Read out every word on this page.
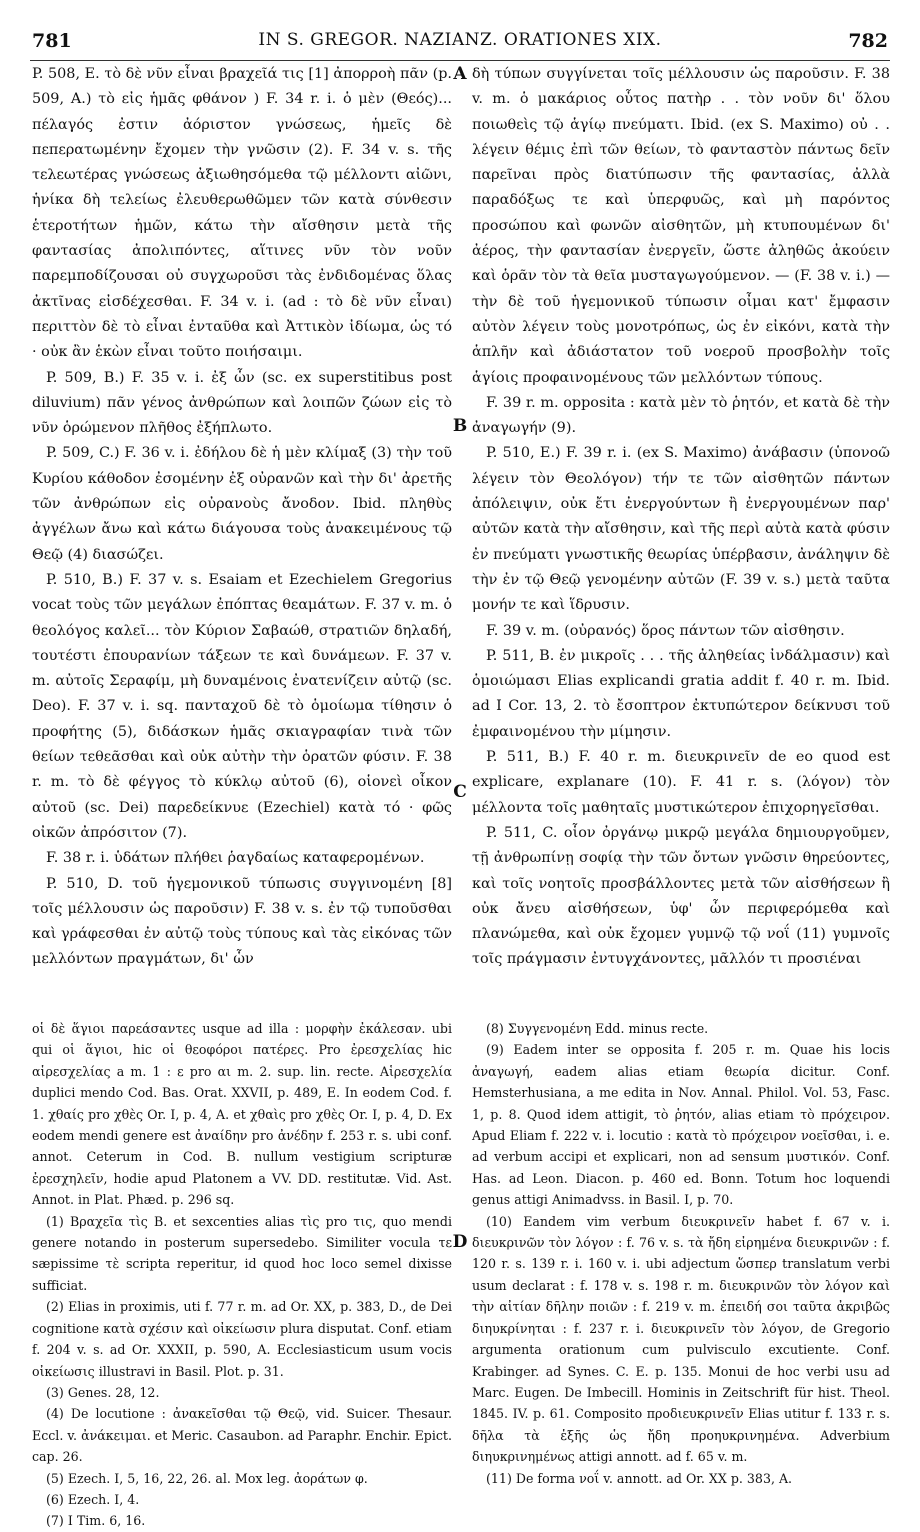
781	IN S. GREGOR. NAZIANZ. ORATIONES XIX.	782

P. 508, E. τὸ δὲ νῦν εἶναι βραχεῖά τις [1] ἀπορροὴ πᾶν (p. 509, A.) τὸ εἰς ἡμᾶς φθάνον ) F. 34 r. i. ὁ μὲν (Θεός)... πέλαγός ἐστιν ἀόριστον γνώσεως, ἡμεῖς δὲ πεπερατωμένην ἔχομεν τὴν γνῶσιν (2). F. 34 v. s. τῆς τελεωτέρας γνώσεως ἀξιωθησόμεθα τῷ μέλλοντι αἰῶνι, ἡνίκα δὴ τελείως ἐλευθερωθῶμεν τῶν κατὰ σύνθεσιν ἑτεροτήτων ἡμῶν, κάτω τὴν αἴσθησιν μετὰ τῆς φαντασίας ἀπολιπόντες, αἵτινες νῦν τὸν νοῦν παρεμποδίζουσαι οὐ συγχωροῦσι τὰς ἐνδιδομένας ὅλας ἀκτῖνας εἰσδέχεσθαι. F. 34 v. i. (ad : τὸ δὲ νῦν εἶναι) περιττὸν δὲ τὸ εἶναι ἐνταῦθα καὶ Ἀττικὸν ἰδίωμα, ὡς τό · οὐκ ἂν ἑκὼν εἶναι τοῦτο ποιήσαιμι.

P. 509, B.) F. 35 v. i. ἐξ ὧν (sc. ex superstitibus post diluvium) πᾶν γένος ἀνθρώπων καὶ λοιπῶν ζώων εἰς τὸ νῦν ὁρώμενον πλῆθος ἐξήπλωτο.

P. 509, C.) F. 36 v. i. ἐδήλου δὲ ἡ μὲν κλίμαξ (3) τὴν τοῦ Κυρίου κάθοδον ἐσομένην ἐξ οὐρανῶν καὶ τὴν δι' ἀρετῆς τῶν ἀνθρώπων εἰς οὐρανοὺς ἄνοδον. Ibid. πληθὺς ἀγγέλων ἄνω καὶ κάτω διάγουσα τοὺς ἀνακειμένους τῷ Θεῷ (4) διασώζει.

P. 510, B.) F. 37 v. s. Esaiam et Ezechielem Gregorius vocat τοὺς τῶν μεγάλων ἐπόπτας θεαμάτων. F. 37 v. m. ὁ θεολόγος καλεῖ... τὸν Κύριον Σαβαώθ, στρατιῶν δηλαδή, τουτέστι ἐπουρανίων τάξεων τε καὶ δυνάμεων. F. 37 v. m. αὐτοῖς Σεραφίμ, μὴ δυναμένοις ἐνατενίζειν αὐτῷ (sc. Deo). F. 37 v. i. sq. πανταχοῦ δὲ τὸ ὁμοίωμα τίθησιν ὁ προφήτης (5), διδάσκων ἡμᾶς σκιαγραφίαν τινὰ τῶν θείων τεθεᾶσθαι καὶ οὐκ αὐτὴν τὴν ὁρατῶν φύσιν. F. 38 r. m. τὸ δὲ φέγγος τὸ κύκλῳ αὐτοῦ (6), οἱονεὶ οἶκον αὐτοῦ (sc. Dei) παρεδείκνυε (Ezechiel) κατὰ τό · φῶς οἰκῶν ἀπρόσιτον (7).

F. 38 r. i. ὑδάτων πλήθει ῥαγδαίως καταφερομένων.

P. 510, D. τοῦ ἡγεμονικοῦ τύπωσις συγγινομένη [8] τοῖς μέλλουσιν ὡς παροῦσιν) F. 38 v. s. ἐν τῷ τυποῦσθαι καὶ γράφεσθαι ἐν αὐτῷ τοὺς τύπους καὶ τὰς εἰκόνας τῶν μελλόντων πραγμάτων, δι' ὧν

A
B
C
D

δὴ τύπων συγγίνεται τοῖς μέλλουσιν ὡς παροῦσιν. F. 38 v. m. ὁ μακάριος οὗτος πατὴρ . . τὸν νοῦν δι' ὅλου ποιωθεὶς τῷ ἁγίῳ πνεύματι. Ibid. (ex S. Maximo) οὐ . . λέγειν θέμις ἐπὶ τῶν θείων, τὸ φανταστὸν πάντως δεῖν παρεῖναι πρὸς διατύπωσιν τῆς φαντασίας, ἀλλὰ παραδόξως τε καὶ ὑπερφυῶς, καὶ μὴ παρόντος προσώπου καὶ φωνῶν αἰσθητῶν, μὴ κτυπουμένων δι' ἀέρος, τὴν φαντασίαν ἐνεργεῖν, ὥστε ἀληθῶς ἀκούειν καὶ ὁρᾶν τὸν τὰ θεῖα μυσταγωγούμενον. — (F. 38 v. i.) — τὴν δὲ τοῦ ἡγεμονικοῦ τύπωσιν οἶμαι κατ' ἔμφασιν αὐτὸν λέγειν τοὺς μονοτρόπως, ὡς ἐν εἰκόνι, κατὰ τὴν ἁπλῆν καὶ ἀδιάστατον τοῦ νοεροῦ προσβολὴν τοῖς ἁγίοις προφαινομένους τῶν μελλόντων τύπους.

F. 39 r. m. opposita : κατὰ μὲν τὸ ῥητόν, et κατὰ δὲ τὴν ἀναγωγήν (9).

P. 510, E.) F. 39 r. i. (ex S. Maximo) ἀνάβασιν (ὑπονοῶ λέγειν τὸν Θεολόγον) τήν τε τῶν αἰσθητῶν πάντων ἀπόλειψιν, οὐκ ἔτι ἐνεργούντων ἢ ἐνεργουμένων παρ' αὐτῶν κατὰ τὴν αἴσθησιν, καὶ τῆς περὶ αὐτὰ κατὰ φύσιν ἐν πνεύματι γνωστικῆς θεωρίας ὑπέρβασιν, ἀνάληψιν δὲ τὴν ἐν τῷ Θεῷ γενομένην αὐτῶν (F. 39 v. s.) μετὰ ταῦτα μονήν τε καὶ ἵδρυσιν.

F. 39 v. m. (οὐρανός) ὅρος πάντων τῶν αἰσθησιν.

P. 511, B. ἐν μικροῖς . . . τῆς ἀληθείας ἰνδάλμασιν) καὶ ὁμοιώμασι Elias explicandi gratia addit f. 40 r. m. Ibid. ad I Cor. 13, 2. τὸ ἔσοπτρον ἐκτυπώτερον δείκνυσι τοῦ ἐμφαινομένου τὴν μίμησιν.

P. 511, B.) F. 40 r. m. διευκρινεῖν de eo quod est explicare, explanare (10). F. 41 r. s. (λόγον) τὸν μέλλοντα τοῖς μαθηταῖς μυστικώτερον ἐπιχορηγεῖσθαι.

P. 511, C. οἷον ὀργάνῳ μικρῷ μεγάλα δημιουργοῦμεν, τῇ ἀνθρωπίνῃ σοφίᾳ τὴν τῶν ὄντων γνῶσιν θηρεύοντες, καὶ τοῖς νοητοῖς προσβάλλοντες μετὰ τῶν αἰσθήσεων ἢ οὐκ ἄνευ αἰσθήσεων, ὑφ' ὧν περιφερόμεθα καὶ πλανώμεθα, καὶ οὐκ ἔχομεν γυμνῷ τῷ νοΐ (11) γυμνοῖς τοῖς πράγμασιν ἐντυγχάνοντες, μᾶλλόν τι προσιέναι

οἱ δὲ ἅγιοι παρεάσαντες usque ad illa : μορφὴν ἐκάλεσαν. ubi qui οἱ ἅγιοι, hic οἱ θεοφόροι πατέρες. Pro ἐρεσχελίας hic αἱρεσχελίας a m. 1 : ε pro αι m. 2. sup. lin. recte. Αἱρεσχελία duplici mendo Cod. Bas. Orat. XXVII, p. 489, E. In eodem Cod. f. 1. χθαίς pro χθὲς Or. I, p. 4, A. et χθαὶς pro χθὲς Or. I, p. 4, D. Ex eodem mendi genere est ἀναίδην pro ἀνέδην f. 253 r. s. ubi conf. annot. Ceterum in Cod. B. nullum vestigium scripturæ ἐρεσχηλεῖν, hodie apud Platonem a VV. DD. restitutæ. Vid. Ast. Annot. in Plat. Phæd. p. 296 sq.

(1) Βραχεῖα τὶς B. et sexcenties alias τὶς pro τις, quo mendi genere notando in posterum supersedebo. Similiter vocula τε sæpissime τὲ scripta reperitur, id quod hoc loco semel dixisse sufficiat.

(2) Elias in proximis, uti f. 77 r. m. ad Or. XX, p. 383, D., de Dei cognitione κατὰ σχέσιν καὶ οἰκείωσιν plura disputat. Conf. etiam f. 204 v. s. ad Or. XXXII, p. 590, A. Ecclesiasticum usum vocis οἰκείωσις illustravi in Basil. Plot. p. 31.

(3) Genes. 28, 12.

(4) De locutione : ἀνακεῖσθαι τῷ Θεῷ, vid. Suicer. Thesaur. Eccl. v. ἀνάκειμαι. et Meric. Casaubon. ad Paraphr. Enchir. Epict. cap. 26.

(5) Ezech. I, 5, 16, 22, 26. al. Mox leg. ἀοράτων φ.

(6) Ezech. I, 4.

(7) I Tim. 6, 16.

(8) Συγγενομένη Edd. minus recte.

(9) Eadem inter se opposita f. 205 r. m. Quae his locis ἀναγωγή, eadem alias etiam θεωρία dicitur. Conf. Hemsterhusiana, a me edita in Nov. Annal. Philol. Vol. 53, Fasc. 1, p. 8. Quod idem attigit, τὸ ῥητόν, alias etiam τὸ πρόχειρον. Apud Eliam f. 222 v. i. locutio : κατὰ τὸ πρόχειρον νοεῖσθαι, i. e. ad verbum accipi et explicari, non ad sensum μυστικόν. Conf. Has. ad Leon. Diacon. p. 460 ed. Bonn. Totum hoc loquendi genus attigi Animadvss. in Basil. I, p. 70.

(10) Eandem vim verbum διευκρινεῖν habet f. 67 v. i. διευκρινῶν τὸν λόγον : f. 76 v. s. τὰ ἤδη εἰρημένα διευκρινῶν : f. 120 r. s. 139 r. i. 160 v. i. ubi adjectum ὥσπερ translatum verbi usum declarat : f. 178 v. s. 198 r. m. διευκρινῶν τὸν λόγον καὶ τὴν αἰτίαν δῆλην ποιῶν : f. 219 v. m. ἐπειδή σοι ταῦτα ἀκριβῶς διηυκρίνηται : f. 237 r. i. διευκρινεῖν τὸν λόγον, de Gregorio argumenta orationum cum pulvisculo excutiente. Conf. Krabinger. ad Synes. C. E. p. 135. Monui de hoc verbi usu ad Marc. Eugen. De Imbecill. Hominis in Zeitschrift für hist. Theol. 1845. IV. p. 61. Composito προδιευκρινεῖν Elias utitur f. 133 r. s. δῆλα τὰ ἑξῆς ὡς ἤδη προηυκρινημένα. Adverbium διηυκρινημένως attigi annott. ad f. 65 v. m.

(11) De forma νοΐ v. annott. ad Or. XX p. 383, A.
